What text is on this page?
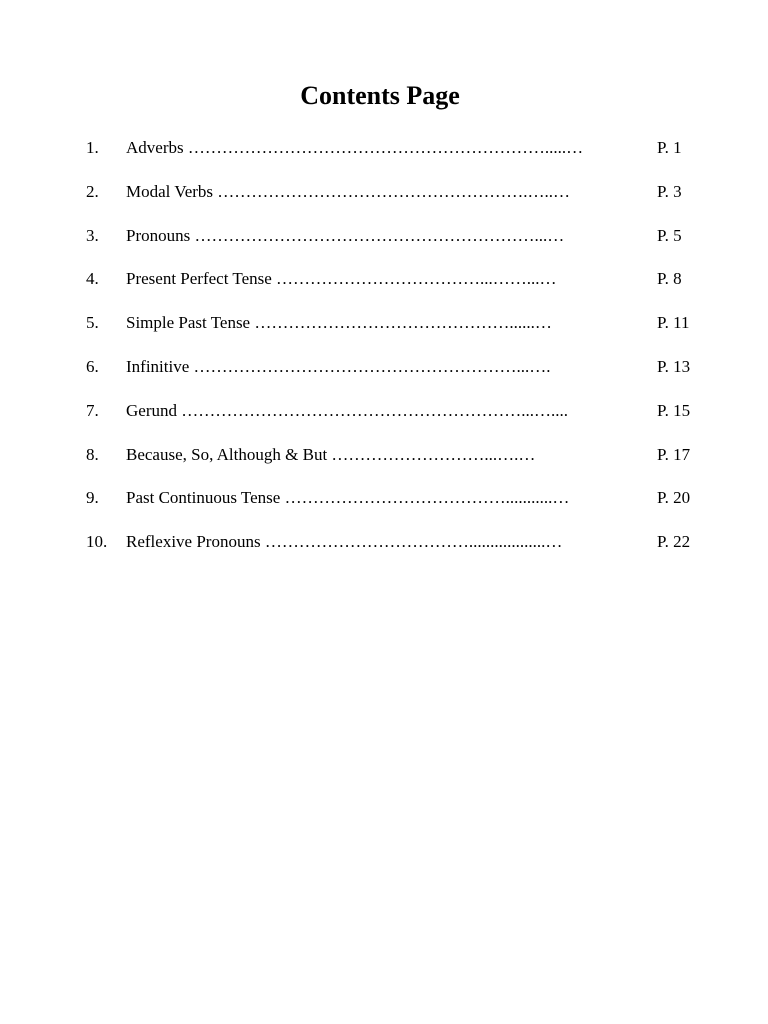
Contents Page
1. Adverbs ……………………………………………………….....…	P. 1
2. Modal Verbs ……………………………………………….…..…	P. 3
3. Pronouns ……………………………………………………...…	P. 5
4. Present Perfect Tense ………………………………...……...…	P. 8
5. Simple Past Tense ………………………………………......…	P. 11
6. Infinitive …………………………………………………...….	P. 13
7. Gerund ……………………………………………………...…....	P. 15
8. Because, So, Although & But ………………………...….…	P. 17
9. Past Continuous Tense …………………………………...........…	P. 20
10. Reflexive Pronouns ………………………………..................…	P. 22
